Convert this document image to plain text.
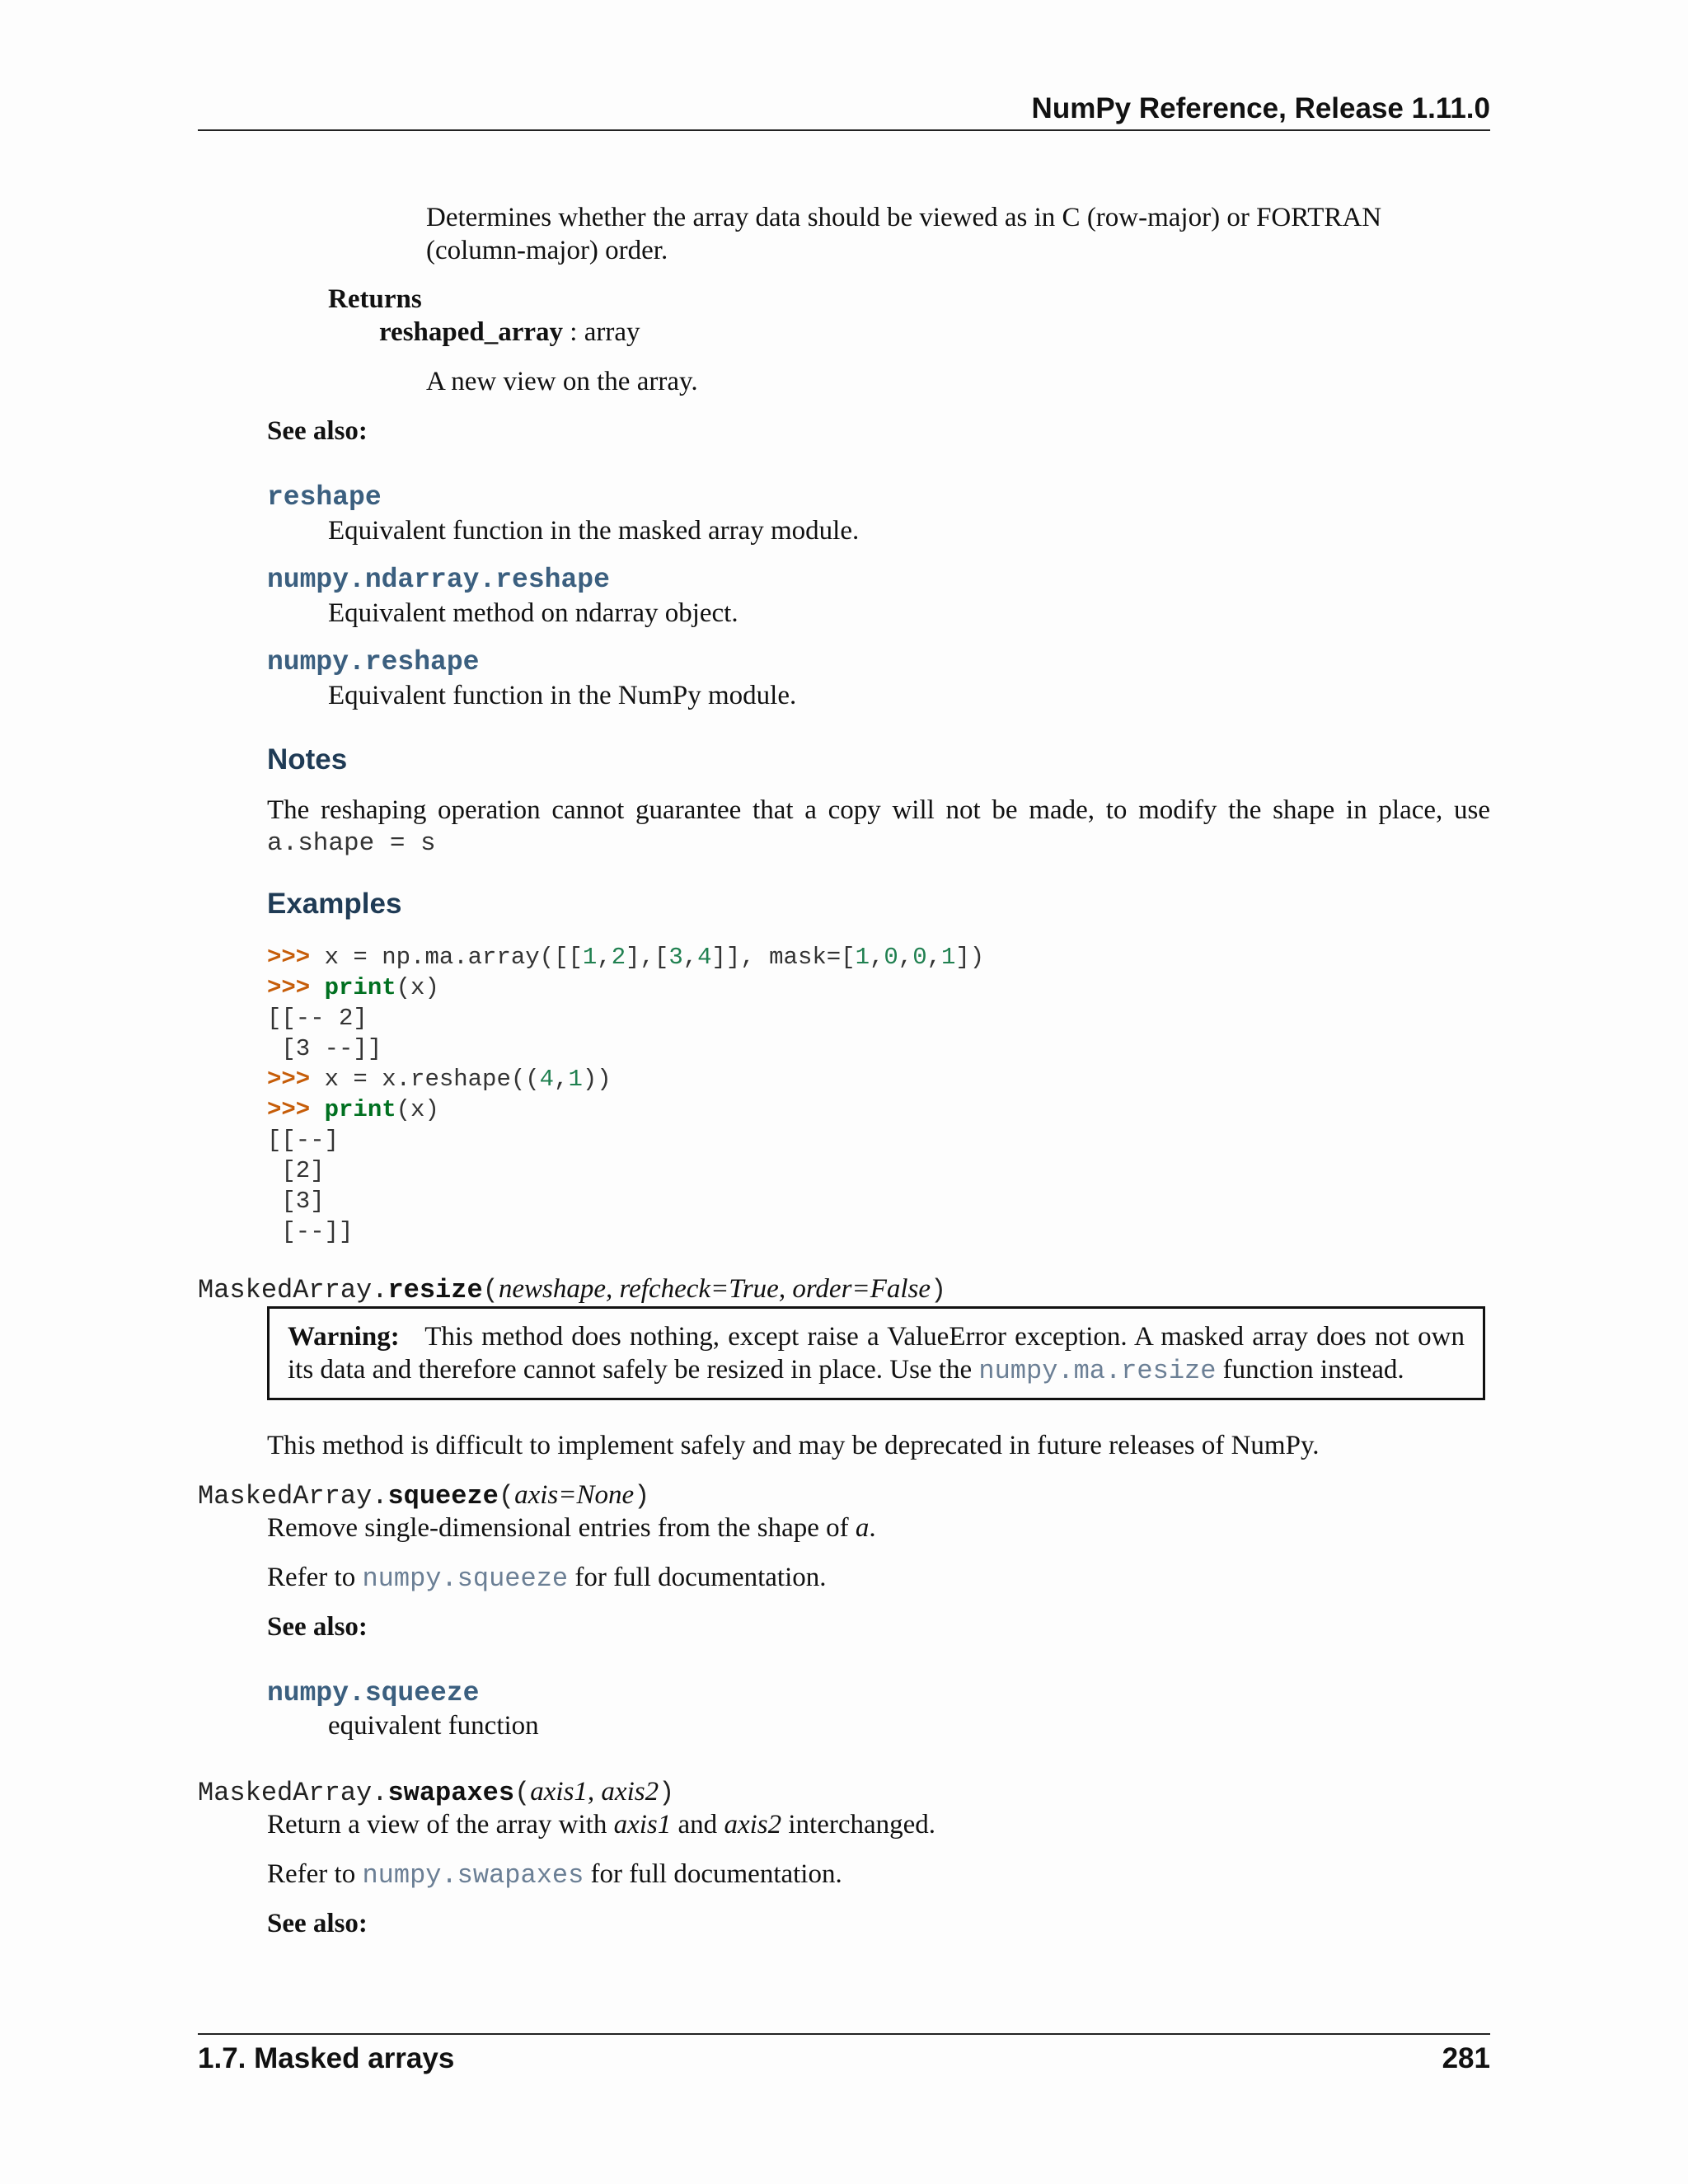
NumPy Reference, Release 1.11.0
Determines whether the array data should be viewed as in C (row-major) or FORTRAN
(column-major) order.
Returns
reshaped_array : array
A new view on the array.
See also:
reshape
Equivalent function in the masked array module.
numpy.ndarray.reshape
Equivalent method on ndarray object.
numpy.reshape
Equivalent function in the NumPy module.
Notes
The reshaping operation cannot guarantee that a copy will not be made, to modify the shape in place, use
a.shape = s
Examples
>>> x = np.ma.array([[1,2],[3,4]], mask=[1,0,0,1])
>>> print(x)
[[-- 2]
[3 --]]
>>> x = x.reshape((4,1))
>>> print(x)
[[--]
[2]
[3]
[--]]
MaskedArray.resize(newshape, refcheck=True, order=False)
Warning: This method does nothing, except raise a ValueError exception. A masked array does not own its data and therefore cannot safely be resized in place. Use the numpy.ma.resize function instead.
This method is difficult to implement safely and may be deprecated in future releases of NumPy.
MaskedArray.squeeze(axis=None)
Remove single-dimensional entries from the shape of a.
Refer to numpy.squeeze for full documentation.
See also:
numpy.squeeze
equivalent function
MaskedArray.swapaxes(axis1, axis2)
Return a view of the array with axis1 and axis2 interchanged.
Refer to numpy.swapaxes for full documentation.
See also:
1.7. Masked arrays	281
